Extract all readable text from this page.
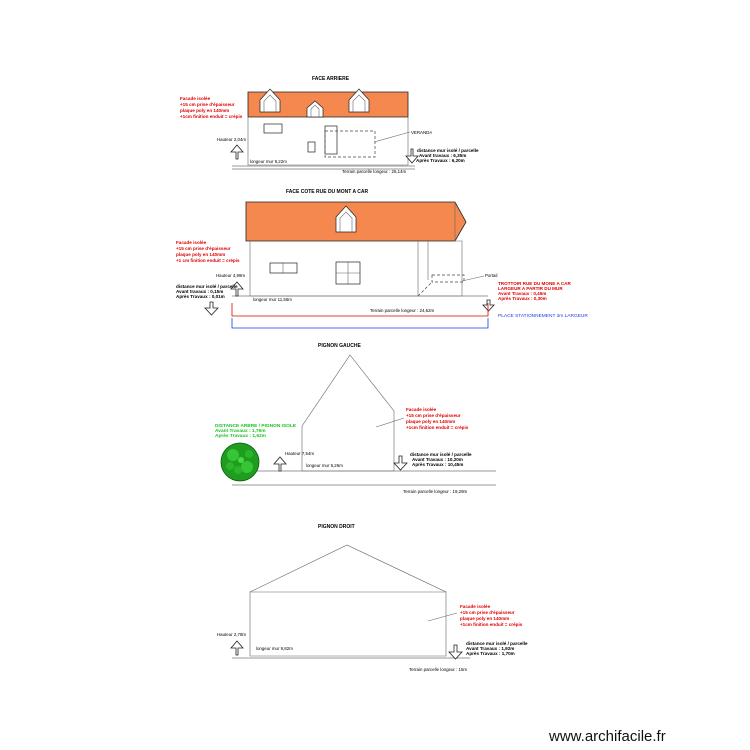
FACE ARRIERE
VERANDA
Facade isolée +15 cm prise d'épaisseur plaque poly en 140mm +1cm finition enduit = crépis
Hauteur 2,04m
longeur mur 9,22m
distance mur isolé / parcelle Avant travaux : 6,35m Après Travaux : 6,20m
Terrain parcelle longeur : 25,14m
FACE COTE RUE DU MONT A CAR
Portail
Facade isolée +15 cm prise d'épaisseur plaque poly en 140mm +1 cm finition enduit = crépis
Hauteur 4,99m
longeur mur 11,56m
TROTTOIR RUE DU MONE A CAR LARGEUR A PARTIR DU MUR Avant Travaux : 0,45m Après Travaux : 0,30m
distance mur isolé / parcelle Avant travaux : 0,15m Après Travaux : 0,01m
Terrain parcelle longeur : 24,62m
PLACE STATIONNEMENT 2m LARGEUR
PIGNON GAUCHE
Facade isolée +15 cm prise d'épaisseur plaque poly en 140mm +1cm finition enduit = crépis
DISTANCE ARBRE / PIGNON ISOLE Avant Travaux : 1,76m Après Travaux : 1,62m
Hauteur 7,54m
longeur mur 5,26m
distance mur isolé / parcelle Avant Travaux : 10,20m Après Travaux : 10,45m
Terrain parcelle longeur : 19,29m
PIGNON DROIT
Facade isolée +15 cm prise d'épaisseur plaque poly en 140mm +1cm finition enduit = crépis
Hauteur 2,78m
longeur mur 9,82m
distance mur isolé / parcelle Avant Travaux : 1,92m Après Travaux : 1,70m
Terrain parcelle longeur : 15m
www.archifacile.fr
